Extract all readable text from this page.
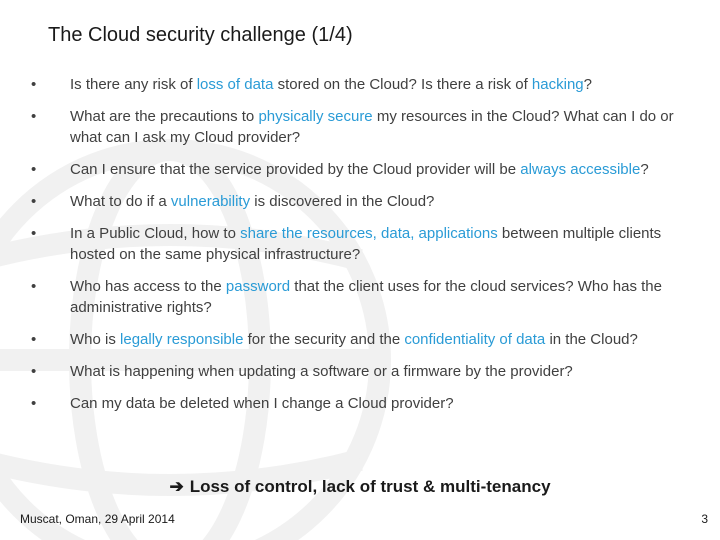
The Cloud security challenge (1/4)
• Is there any risk of loss of data stored on the Cloud? Is there a risk of hacking?
• What are the precautions to physically secure my resources in the Cloud? What can I do or what can I ask my Cloud provider?
• Can I ensure that the service provided by the Cloud provider will be always accessible?
• What to do if a vulnerability is discovered in the Cloud?
• In a Public Cloud, how to share the resources, data, applications between multiple clients hosted on the same physical infrastructure?
• Who has access to the password that the client uses for the cloud services? Who has the administrative rights?
• Who is legally responsible for the security and the confidentiality of data in the Cloud?
• What is happening when updating a software or a firmware by the provider?
• Can my data be deleted when I change a Cloud provider?
➔ Loss of control, lack of trust & multi-tenancy
Muscat, Oman, 29 April 2014	3
